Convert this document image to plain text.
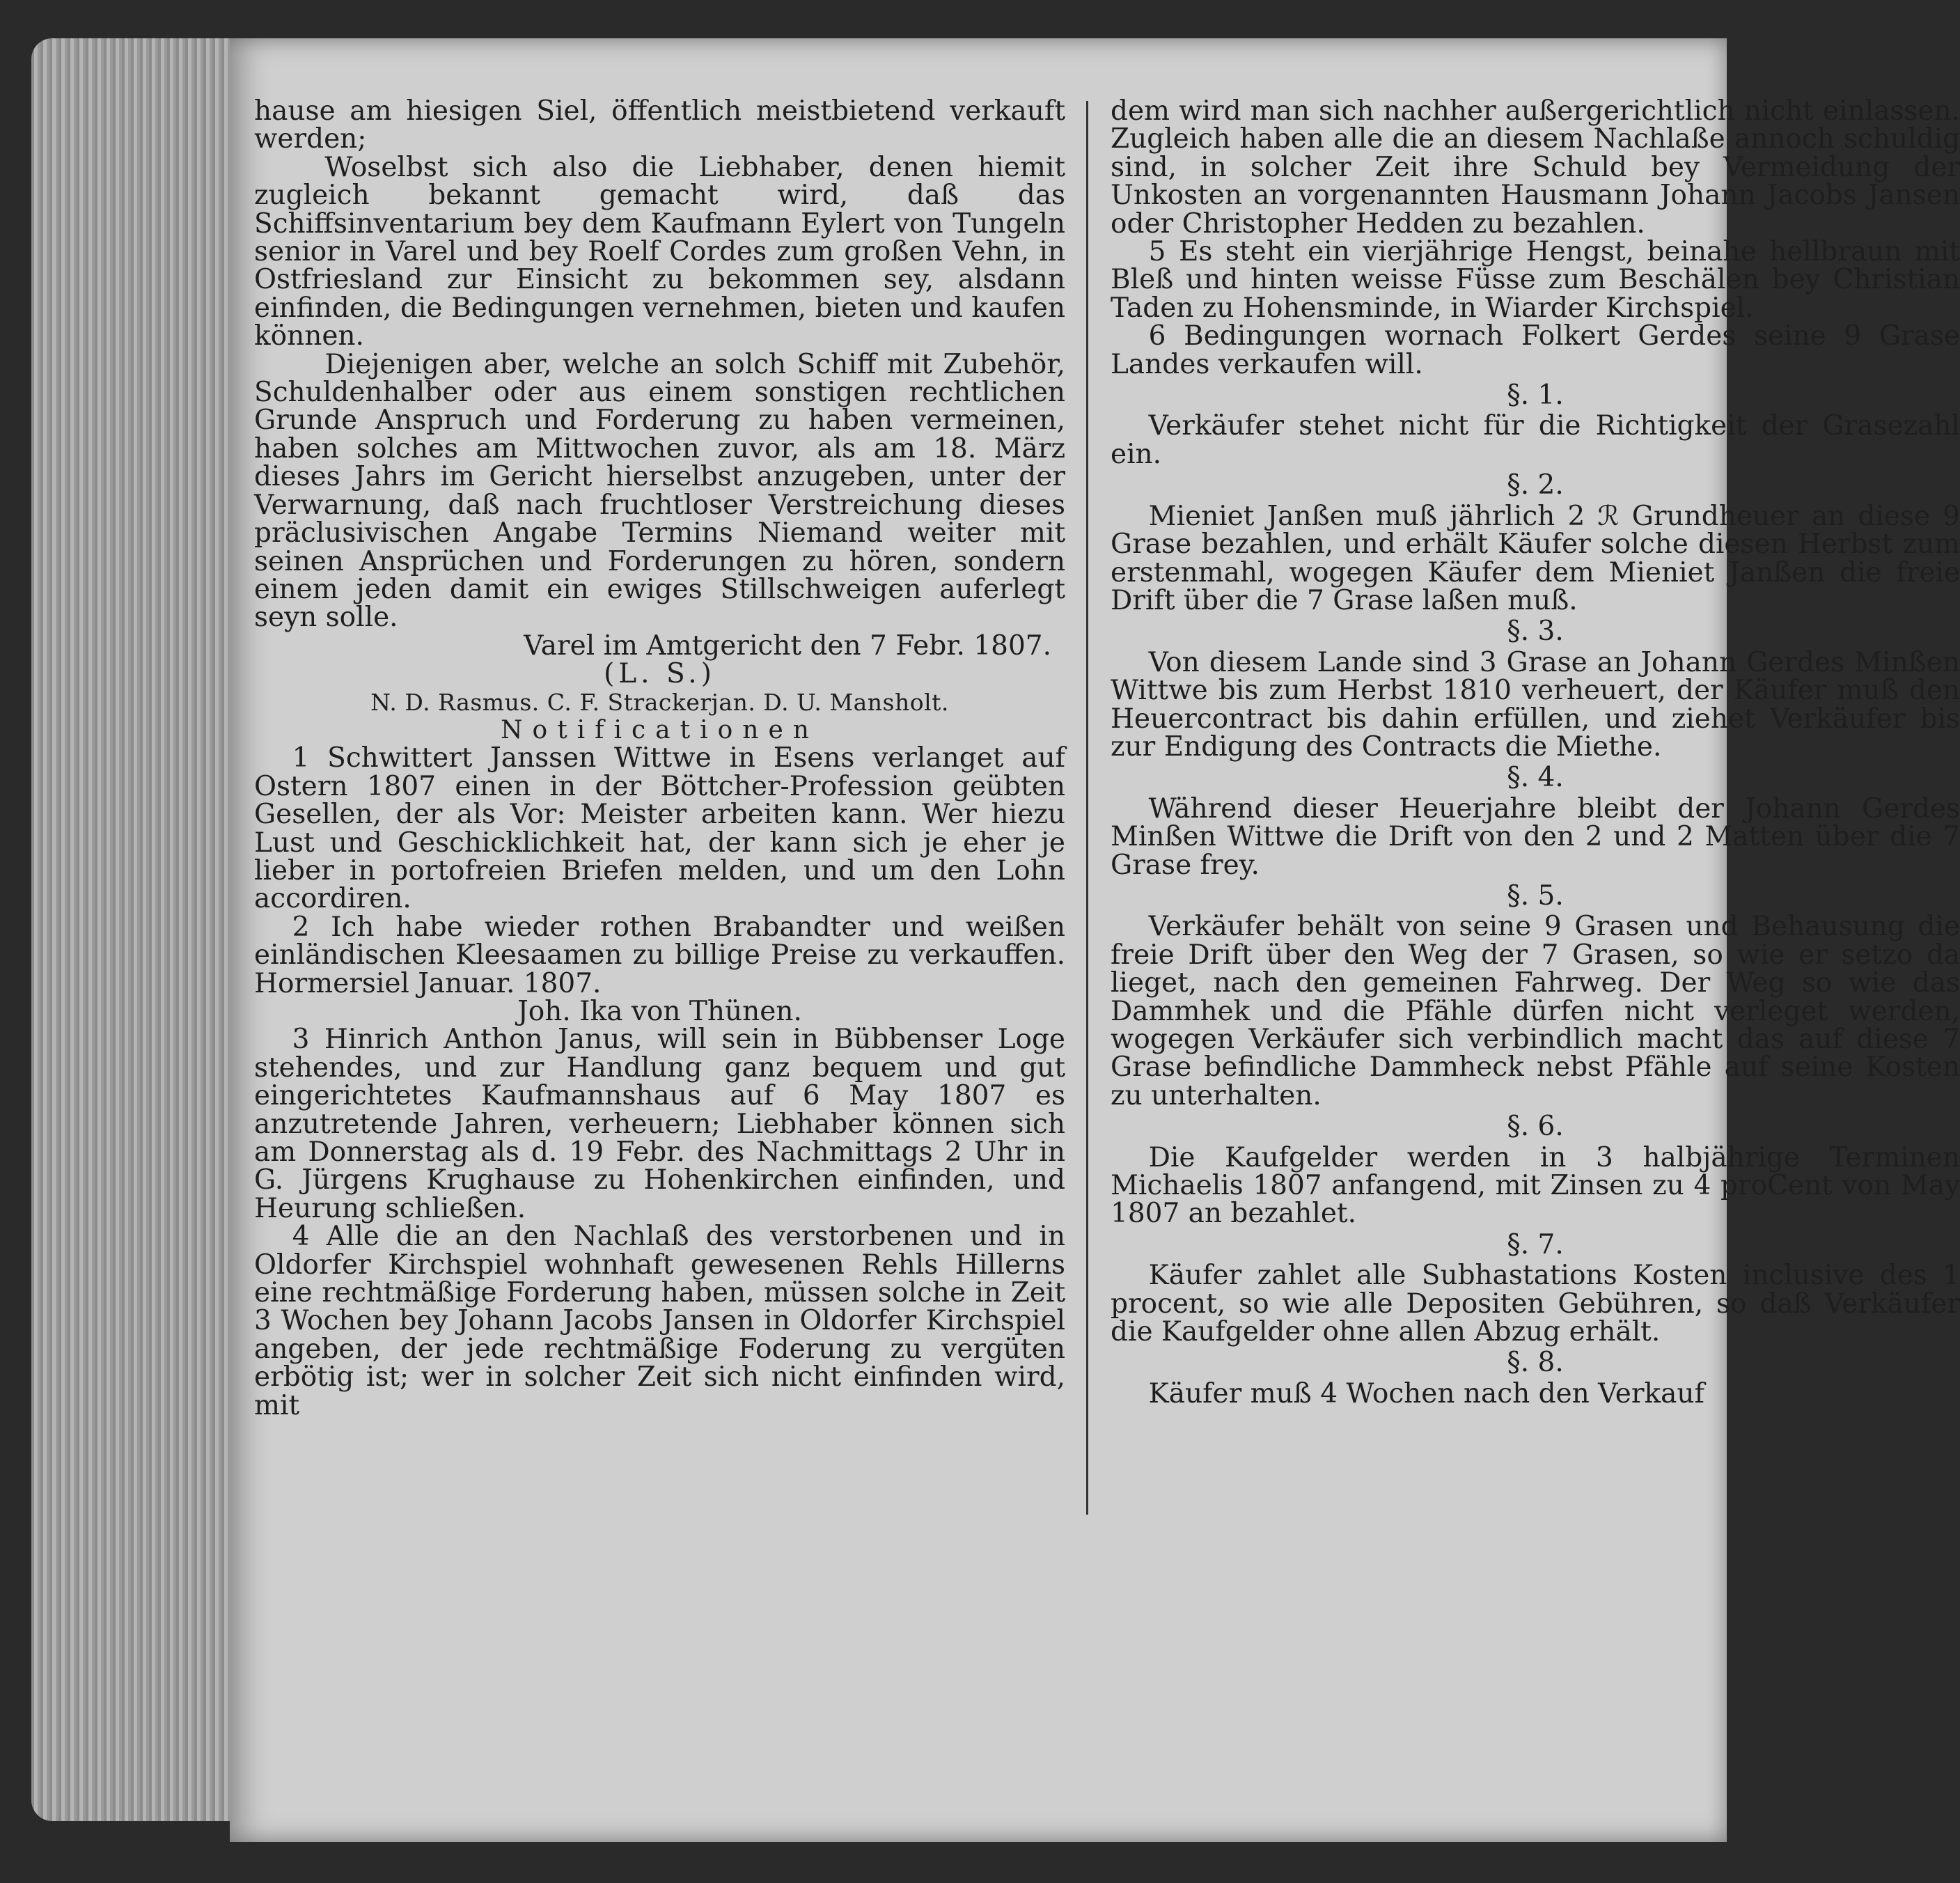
hause am hiesigen Siel, öffentlich meistbietend verkauft werden;

Woselbst sich also die Liebhaber, denen hiemit zugleich bekannt gemacht wird, daß das Schiffsinventarium bey dem Kaufmann Eylert von Tungeln senior in Varel und bey Roelf Cordes zum großen Vehn, in Ostfriesland zur Einsicht zu bekommen sey, alsdann einfinden, die Bedingungen vernehmen, bieten und kaufen können.

Diejenigen aber, welche an solch Schiff mit Zubehör, Schuldenhalber oder aus einem sonstigen rechtlichen Grunde Anspruch und Forderung zu haben vermeinen, haben solches am Mittwochen zuvor, als am 18. März dieses Jahrs im Gericht hierselbst anzugeben, unter der Verwarnung, daß nach fruchtloser Verstreichung dieses präclusivischen Angabe Termins Niemand weiter mit seinen Ansprüchen und Forderungen zu hören, sondern einem jeden damit ein ewiges Stillschweigen auferlegt seyn solle.

Varel im Amtgericht den 7 Febr. 1807.

(L. S.)

N. D. Rasmus. C. F. Strackerjan. D. U. Mansholt.

Notificationen

1 Schwittert Janssen Wittwe in Esens verlanget auf Ostern 1807 einen in der Böttcher-Profession geübten Gesellen, der als Vor: Meister arbeiten kann. Wer hiezu Lust und Geschicklichkeit hat, der kann sich je eher je lieber in portofreien Briefen melden, und um den Lohn accordiren.

2 Ich habe wieder rothen Brabandter und weißen einländischen Kleesaamen zu billige Preise zu verkauffen. Hormersiel Januar. 1807.

Joh. Ika von Thünen.

3 Hinrich Anthon Janus, will sein in Bübbenser Loge stehendes, und zur Handlung ganz bequem und gut eingerichtetes Kaufmannshaus auf 6 May 1807 es anzutretende Jahren, verheuern; Liebhaber können sich am Donnerstag als d. 19 Febr. des Nachmittags 2 Uhr in G. Jürgens Krughause zu Hohenkirchen einfinden, und Heurung schließen.

4 Alle die an den Nachlaß des verstorbenen und in Oldorfer Kirchspiel wohnhaft gewesenen Rehls Hillerns eine rechtmäßige Forderung haben, müssen solche in Zeit 3 Wochen bey Johann Jacobs Jansen in Oldorfer Kirchspiel angeben, der jede rechtmäßige Foderung zu vergüten erbötig ist; wer in solcher Zeit sich nicht einfinden wird, mit

dem wird man sich nachher außergerichtlich nicht einlassen. Zugleich haben alle die an diesem Nachlaße annoch schuldig sind, in solcher Zeit ihre Schuld bey Vermeidung der Unkosten an vorgenannten Hausmann Johann Jacobs Jansen oder Christopher Hedden zu bezahlen.

5 Es steht ein vierjährige Hengst, beinahe hellbraun mit Bleß und hinten weisse Füsse zum Beschälen bey Christian Taden zu Hohensminde, in Wiarder Kirchspiel.

6 Bedingungen wornach Folkert Gerdes seine 9 Grase Landes verkaufen will.

§. 1.

Verkäufer stehet nicht für die Richtigkeit der Grasezahl ein.

§. 2.

Mieniet Janßen muß jährlich 2 ℛ Grundheuer an diese 9 Grase bezahlen, und erhält Käufer solche diesen Herbst zum erstenmahl, wogegen Käufer dem Mieniet Janßen die freie Drift über die 7 Grase laßen muß.

§. 3.

Von diesem Lande sind 3 Grase an Johann Gerdes Minßen Wittwe bis zum Herbst 1810 verheuert, der Käufer muß den Heuercontract bis dahin erfüllen, und ziehet Verkäufer bis zur Endigung des Contracts die Miethe.

§. 4.

Während dieser Heuerjahre bleibt der Johann Gerdes Minßen Wittwe die Drift von den 2 und 2 Matten über die 7 Grase frey.

§. 5.

Verkäufer behält von seine 9 Grasen und Behausung die freie Drift über den Weg der 7 Grasen, so wie er setzo da lieget, nach den gemeinen Fahrweg. Der Weg so wie das Dammhek und die Pfähle dürfen nicht verleget werden, wogegen Verkäufer sich verbindlich macht das auf diese 7 Grase befindliche Dammheck nebst Pfähle auf seine Kosten zu unterhalten.

§. 6.

Die Kaufgelder werden in 3 halbjährige Terminen Michaelis 1807 anfangend, mit Zinsen zu 4 proCent von May 1807 an bezahlet.

§. 7.

Käufer zahlet alle Subhastations Kosten inclusive des 1 procent, so wie alle Depositen Gebühren, so daß Verkäufer die Kaufgelder ohne allen Abzug erhält.

§. 8.

Käufer muß 4 Wochen nach den Verkauf
